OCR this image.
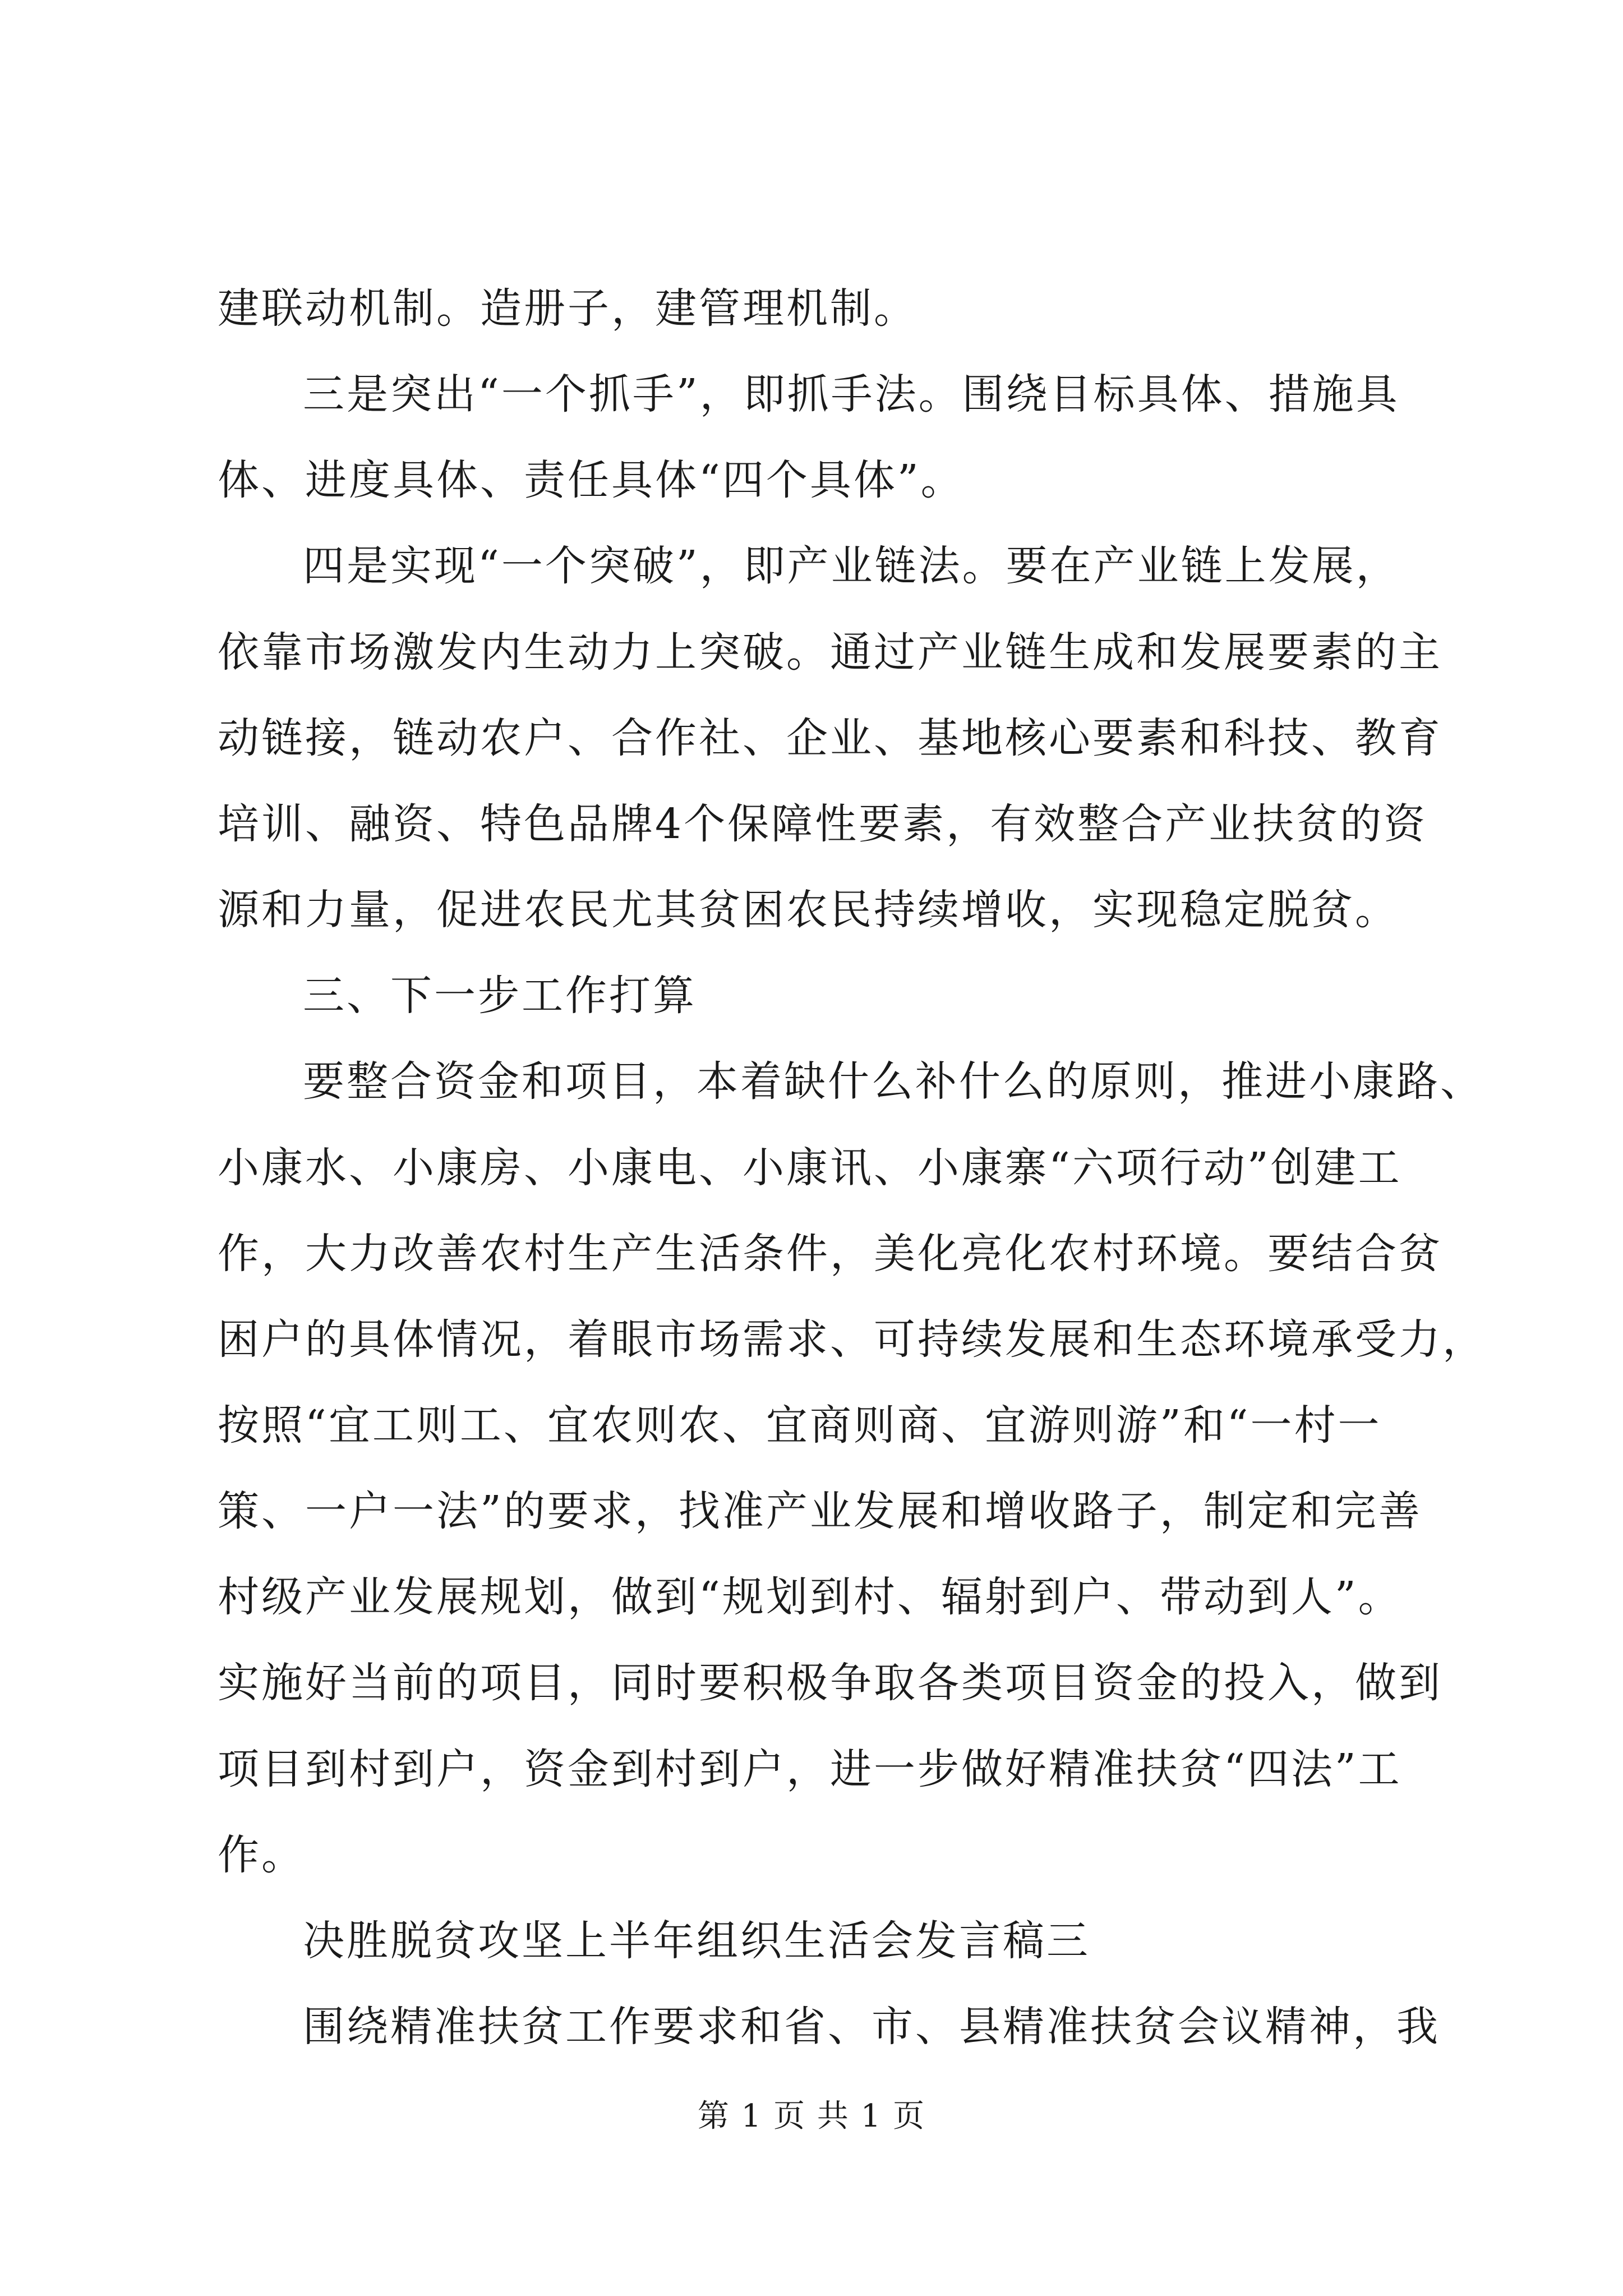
建联动机制。造册子，建管理机制。
三是突出“一个抓手”，即抓手法。围绕目标具体、措施具
体、进度具体、责任具体“四个具体”。
四是实现“一个突破”，即产业链法。要在产业链上发展，
依靠市场激发内生动力上突破。通过产业链生成和发展要素的主
动链接，链动农户、合作社、企业、基地核心要素和科技、教育
培训、融资、特色品牌4个保障性要素，有效整合产业扶贫的资
源和力量，促进农民尤其贫困农民持续增收，实现稳定脱贫。
三、下一步工作打算
要整合资金和项目，本着缺什么补什么的原则，推进小康路、
小康水、小康房、小康电、小康讯、小康寨“六项行动”创建工
作，大力改善农村生产生活条件，美化亮化农村环境。要结合贫
困户的具体情况，着眼市场需求、可持续发展和生态环境承受力，
按照“宜工则工、宜农则农、宜商则商、宜游则游”和“一村一
策、一户一法”的要求，找准产业发展和增收路子，制定和完善
村级产业发展规划，做到“规划到村、辐射到户、带动到人”。
实施好当前的项目，同时要积极争取各类项目资金的投入，做到
项目到村到户，资金到村到户，进一步做好精准扶贫“四法”工
作。
决胜脱贫攻坚上半年组织生活会发言稿三
围绕精准扶贫工作要求和省、市、县精准扶贫会议精神，我
第 1 页 共 1 页
